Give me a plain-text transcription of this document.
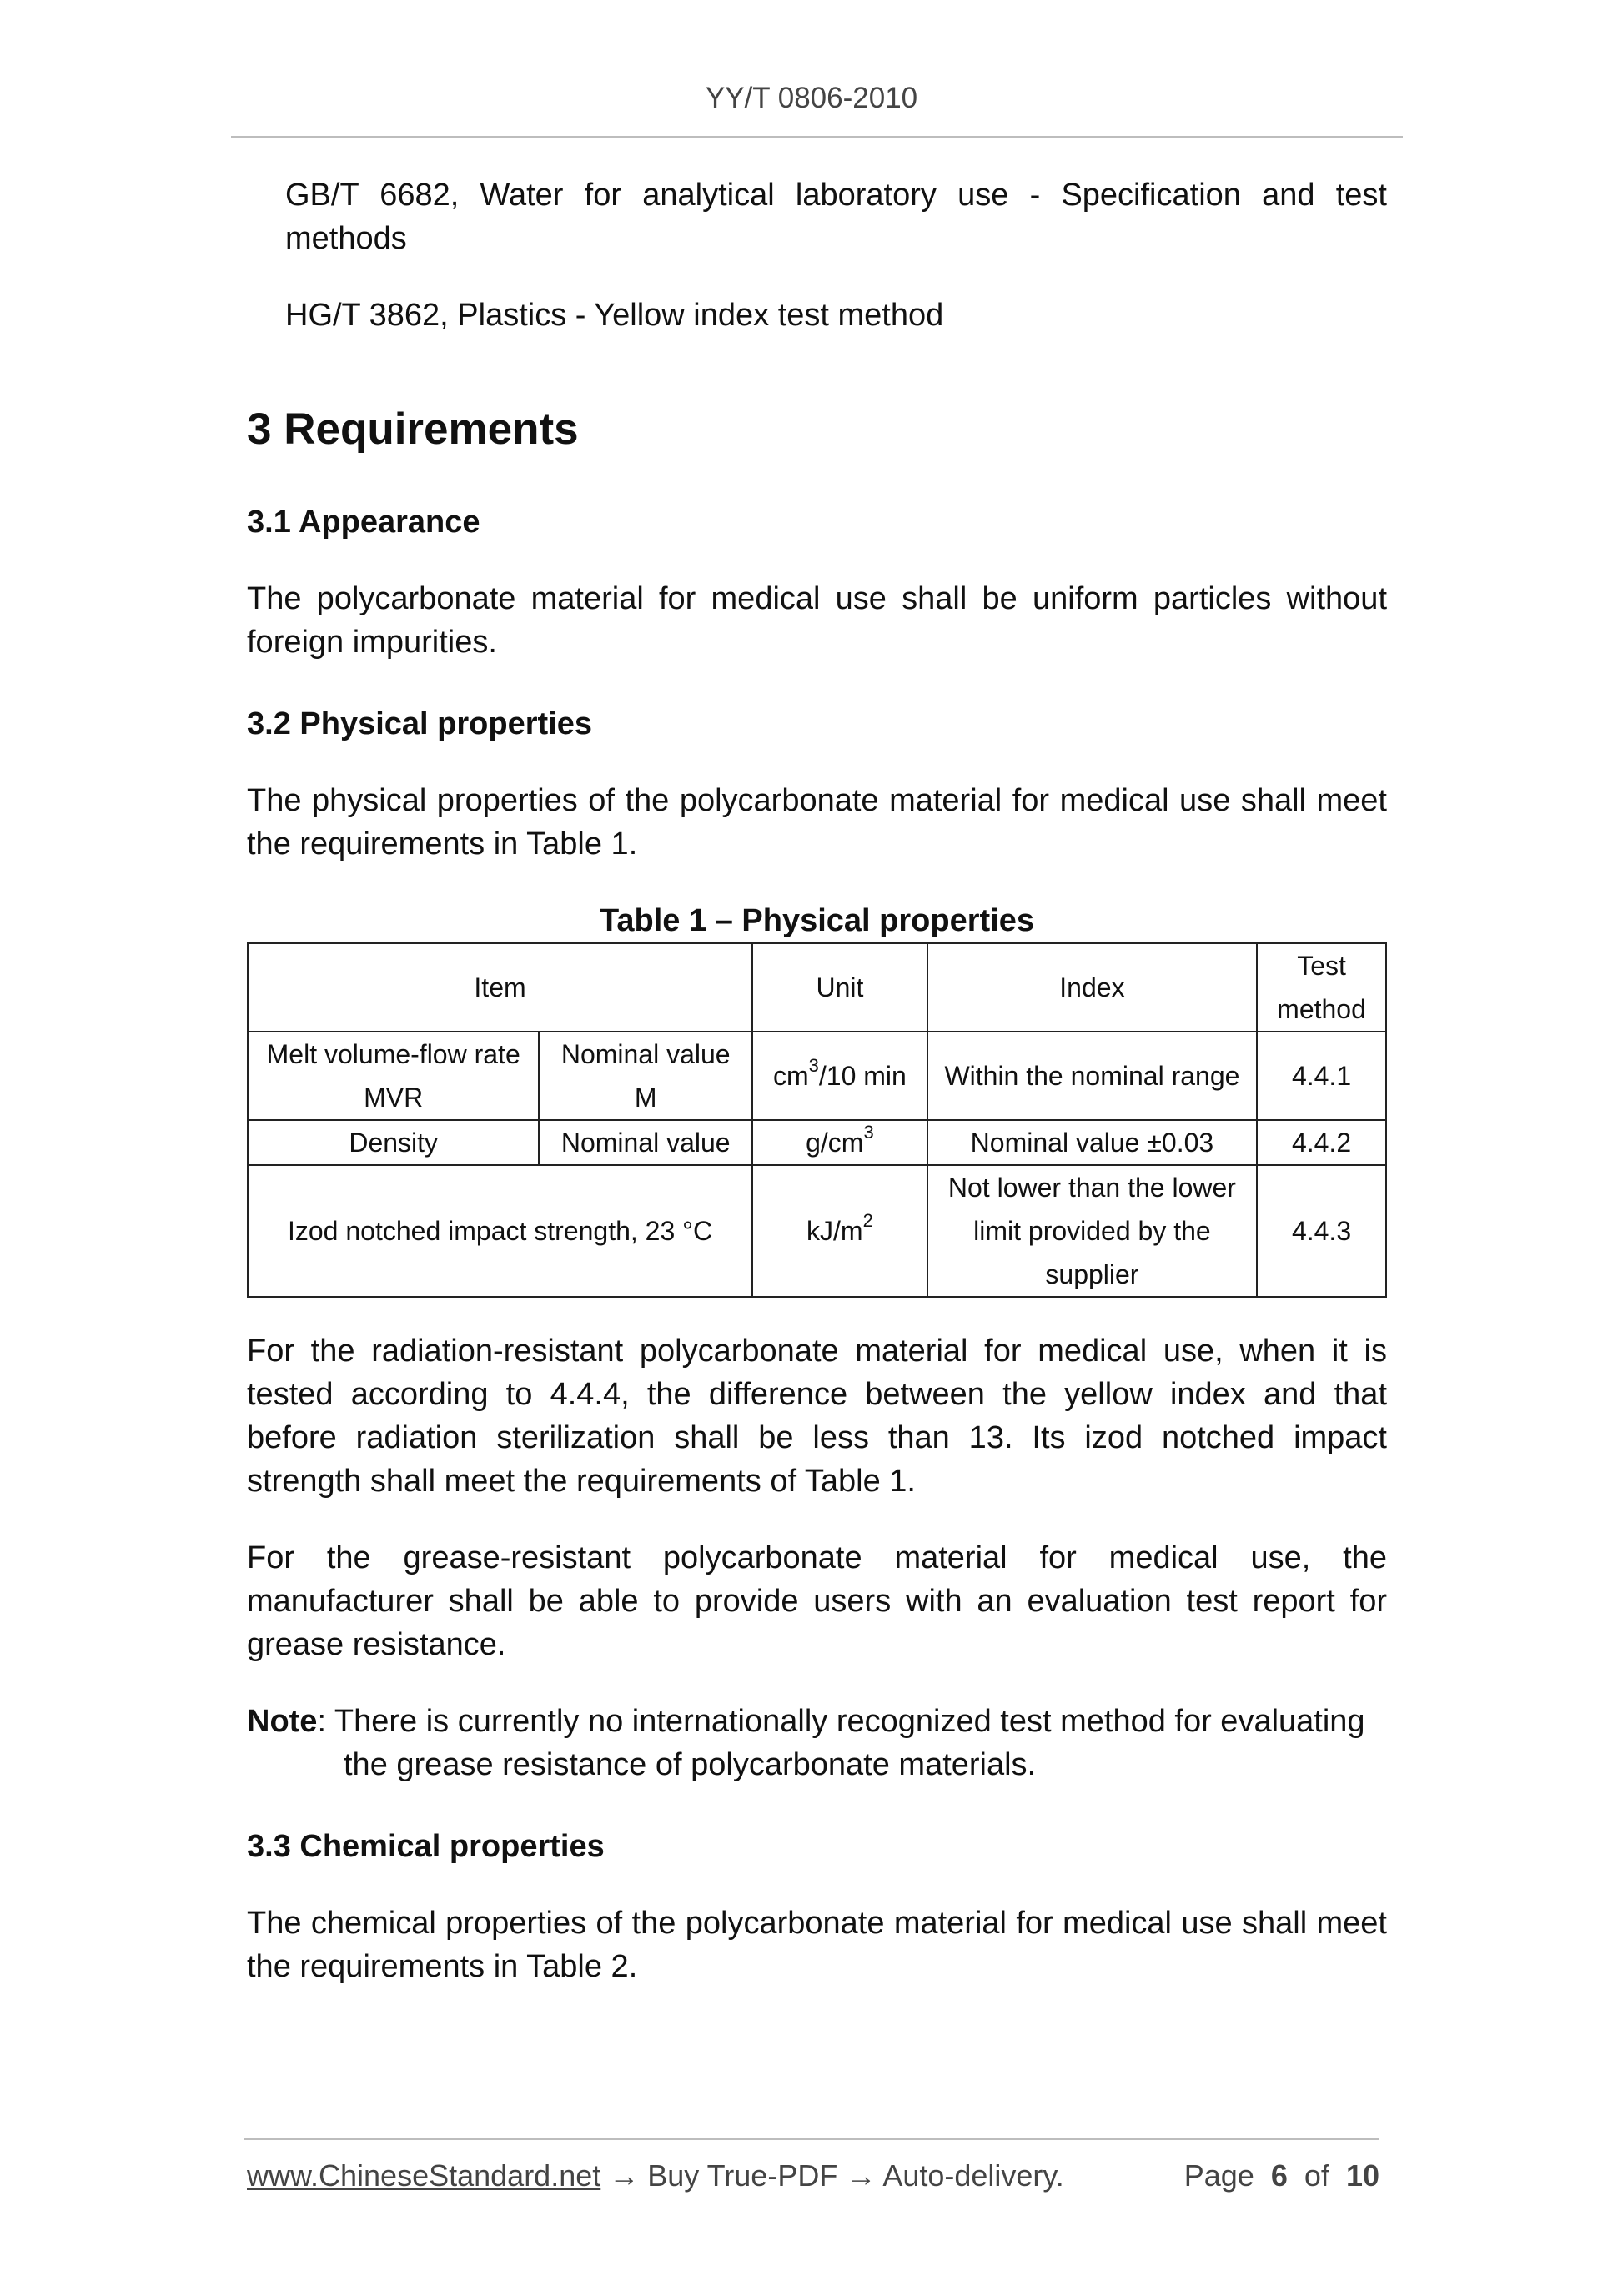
YY/T 0806-2010

GB/T 6682, Water for analytical laboratory use - Specification and test methods

HG/T 3862, Plastics - Yellow index test method

3 Requirements
3.1 Appearance

The polycarbonate material for medical use shall be uniform particles without foreign impurities.

3.2 Physical properties

The physical properties of the polycarbonate material for medical use shall meet the requirements in Table 1.

Table 1 – Physical properties
Item		Unit	Index	Test method
Melt volume-flow rate MVR	Nominal value M	$cm^3/10$ min	Within the nominal range	4.4.1
Density	Nominal value	$g/cm^3$	Nominal value ±0.03	4.4.2
Izod notched impact strength, 23 °C		$kJ/m^2$	Not lower than the lower limit provided by the supplier	4.4.3

For the radiation-resistant polycarbonate material for medical use, when it is tested according to 4.4.4, the difference between the yellow index and that before radiation sterilization shall be less than 13. Its izod notched impact strength shall meet the requirements of Table 1.

For the grease-resistant polycarbonate material for medical use, the manufacturer shall be able to provide users with an evaluation test report for grease resistance.

Note: There is currently no internationally recognized test method for evaluating
the grease resistance of polycarbonate materials.

3.3 Chemical properties

The chemical properties of the polycarbonate material for medical use shall meet the requirements in Table 2.

www.ChineseStandard.net → Buy True-PDF → Auto-delivery.	Page 6 of 10
